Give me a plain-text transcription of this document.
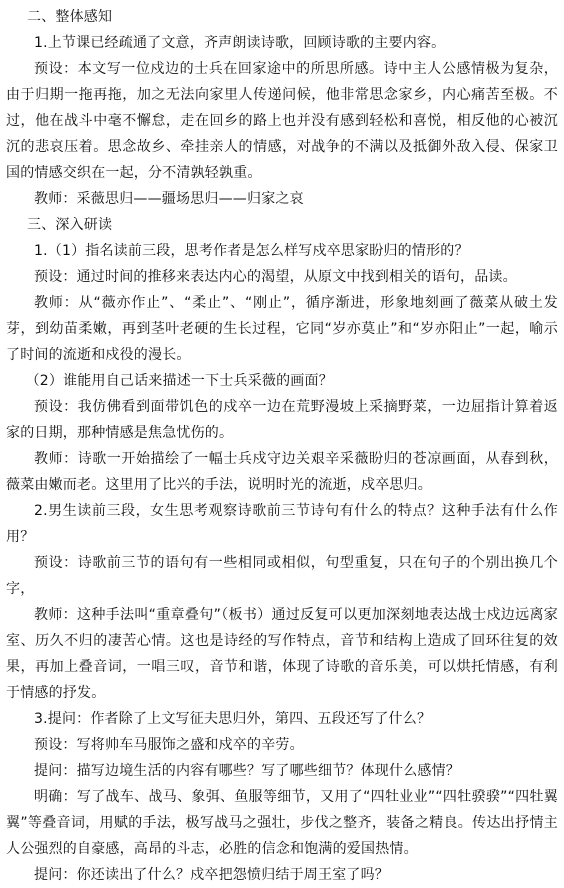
二、整体感知

1.上节课已经疏通了文意，齐声朗读诗歌，回顾诗歌的主要内容。

预设：本文写一位戍边的士兵在回家途中的所思所感。诗中主人公感情极为复杂，由于归期一拖再拖，加之无法向家里人传递问候，他非常思念家乡，内心痛苦至极。不过，他在战斗中毫不懈怠，走在回乡的路上也并没有感到轻松和喜悦，相反他的心被沉沉的悲哀压着。思念故乡、牵挂亲人的情感，对战争的不满以及抵御外敌入侵、保家卫国的情感交织在一起，分不清孰轻孰重。

教师：采薇思归——疆场思归——归家之哀

三、深入研读

1.（1）指名读前三段，思考作者是怎么样写戍卒思家盼归的情形的？

预设：通过时间的推移来表达内心的渴望，从原文中找到相关的语句，品读。

教师：从“薇亦作止”、“柔止”、“刚止”，循序渐进，形象地刻画了薇菜从破土发芽，到幼苗柔嫩，再到茎叶老硬的生长过程，它同“岁亦莫止”和“岁亦阳止”一起，喻示了时间的流逝和戍役的漫长。

（2）谁能用自己话来描述一下士兵采薇的画面？

预设：我仿佛看到面带饥色的戍卒一边在荒野漫坡上采摘野菜，一边屈指计算着返家的日期，那种情感是焦急忧伤的。

教师：诗歌一开始描绘了一幅士兵戍守边关艰辛采薇盼归的苍凉画面，从春到秋，薇菜由嫩而老。这里用了比兴的手法，说明时光的流逝，戍卒思归。

2.男生读前三段，女生思考观察诗歌前三节诗句有什么的特点？这种手法有什么作用？

预设：诗歌前三节的语句有一些相同或相似，句型重复，只在句子的个别出换几个字，

教师：这种手法叫“重章叠句”（板书）通过反复可以更加深刻地表达战士戍边远离家室、历久不归的凄苦心情。这也是诗经的写作特点，音节和结构上造成了回环往复的效果，再加上叠音词，一唱三叹，音节和谐，体现了诗歌的音乐美，可以烘托情感，有利于情感的抒发。

3.提问：作者除了上文写征夫思归外，第四、五段还写了什么？

预设：写将帅车马服饰之盛和戍卒的辛劳。

提问：描写边境生活的内容有哪些？写了哪些细节？体现什么感情？

明确：写了战车、战马、象弭、鱼服等细节，又用了“四牡业业”“四牡骙骙”“四牡翼翼”等叠音词，用赋的手法，极写战马之强壮，步伐之整齐，装备之精良。传达出抒情主人公强烈的自豪感，高昂的斗志，必胜的信念和饱满的爱国热情。

提问：你还读出了什么？戍卒把怨愤归结于周王室了吗？
